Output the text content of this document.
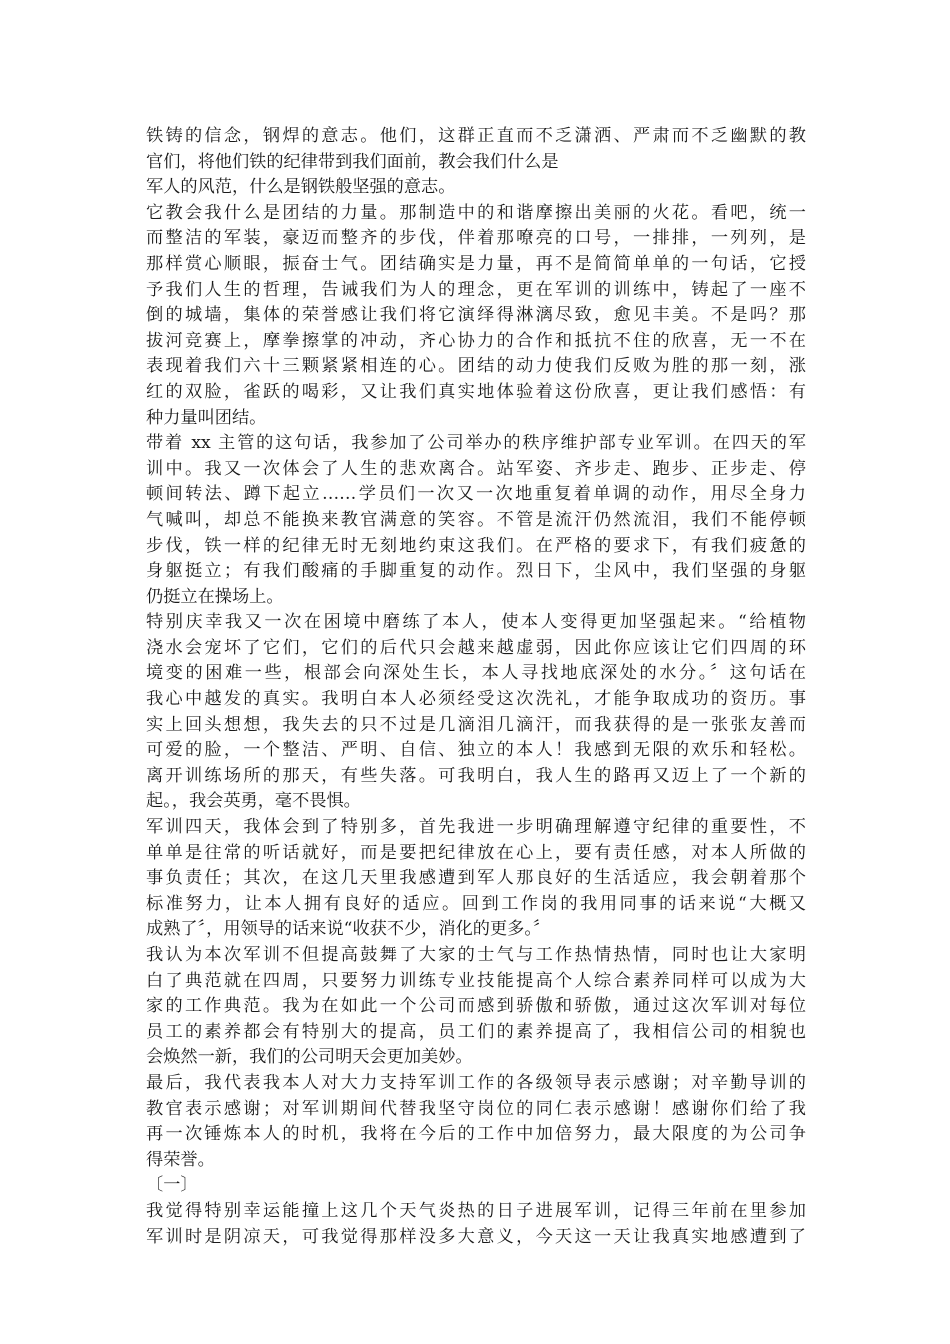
铁铸的信念，钢焊的意志。他们，这群正直而不乏潇洒、严肃而不乏幽默的教
官们，将他们铁的纪律带到我们面前，教会我们什么是
军人的风范，什么是钢铁般坚强的意志。
它教会我什么是团结的力量。那制造中的和谐摩擦出美丽的火花。看吧，统一
而整洁的军装，豪迈而整齐的步伐，伴着那嘹亮的口号，一排排，一列列，是
那样赏心顺眼，振奋士气。团结确实是力量，再不是简简单单的一句话，它授
予我们人生的哲理，告诫我们为人的理念，更在军训的训练中，铸起了一座不
倒的城墙，集体的荣誉感让我们将它演绎得淋漓尽致，愈见丰美。不是吗？那
拔河竞赛上，摩拳擦掌的冲动，齐心协力的合作和抵抗不住的欣喜，无一不在
表现着我们六十三颗紧紧相连的心。团结的动力使我们反败为胜的那一刻，涨
红的双脸，雀跃的喝彩，又让我们真实地体验着这份欣喜，更让我们感悟：有
种力量叫团结。
带着 xx 主管的这句话，我参加了公司举办的秩序维护部专业军训。在四天的军
训中。我又一次体会了人生的悲欢离合。站军姿、齐步走、跑步、正步走、停
顿间转法、蹲下起立……学员们一次又一次地重复着单调的动作，用尽全身力
气喊叫，却总不能换来教官满意的笑容。不管是流汗仍然流泪，我们不能停顿
步伐，铁一样的纪律无时无刻地约束这我们。在严格的要求下，有我们疲惫的
身躯挺立；有我们酸痛的手脚重复的动作。烈日下，尘风中，我们坚强的身躯
仍挺立在操场上。
特别庆幸我又一次在困境中磨练了本人，使本人变得更加坚强起来。“给植物
浇水会宠坏了它们，它们的后代只会越来越虚弱，因此你应该让它们四周的环
境变的困难一些，根部会向深处生长，本人寻找地底深处的水分。〞这句话在
我心中越发的真实。我明白本人必须经受这次洗礼，才能争取成功的资历。事
实上回头想想，我失去的只不过是几滴泪几滴汗，而我获得的是一张张友善而
可爱的脸，一个整洁、严明、自信、独立的本人！我感到无限的欢乐和轻松。
离开训练场所的那天，有些失落。可我明白，我人生的路再又迈上了一个新的
起。，我会英勇，毫不畏惧。
军训四天，我体会到了特别多，首先我进一步明确理解遵守纪律的重要性，不
单单是往常的听话就好，而是要把纪律放在心上，要有责任感，对本人所做的
事负责任；其次，在这几天里我感遭到军人那良好的生活适应，我会朝着那个
标准努力，让本人拥有良好的适应。回到工作岗的我用同事的话来说“大概又
成熟了〞，用领导的话来说“收获不少，消化的更多。〞
我认为本次军训不但提高鼓舞了大家的士气与工作热情热情，同时也让大家明
白了典范就在四周，只要努力训练专业技能提高个人综合素养同样可以成为大
家的工作典范。我为在如此一个公司而感到骄傲和骄傲，通过这次军训对每位
员工的素养都会有特别大的提高，员工们的素养提高了，我相信公司的相貌也
会焕然一新，我们的公司明天会更加美妙。
最后，我代表我本人对大力支持军训工作的各级领导表示感谢；对辛勤导训的
教官表示感谢；对军训期间代替我坚守岗位的同仁表示感谢！感谢你们给了我
再一次锤炼本人的时机，我将在今后的工作中加倍努力，最大限度的为公司争
得荣誉。
〔一〕
我觉得特别幸运能撞上这几个天气炎热的日子进展军训，记得三年前在里参加
军训时是阴凉天，可我觉得那样没多大意义，今天这一天让我真实地感遭到了
